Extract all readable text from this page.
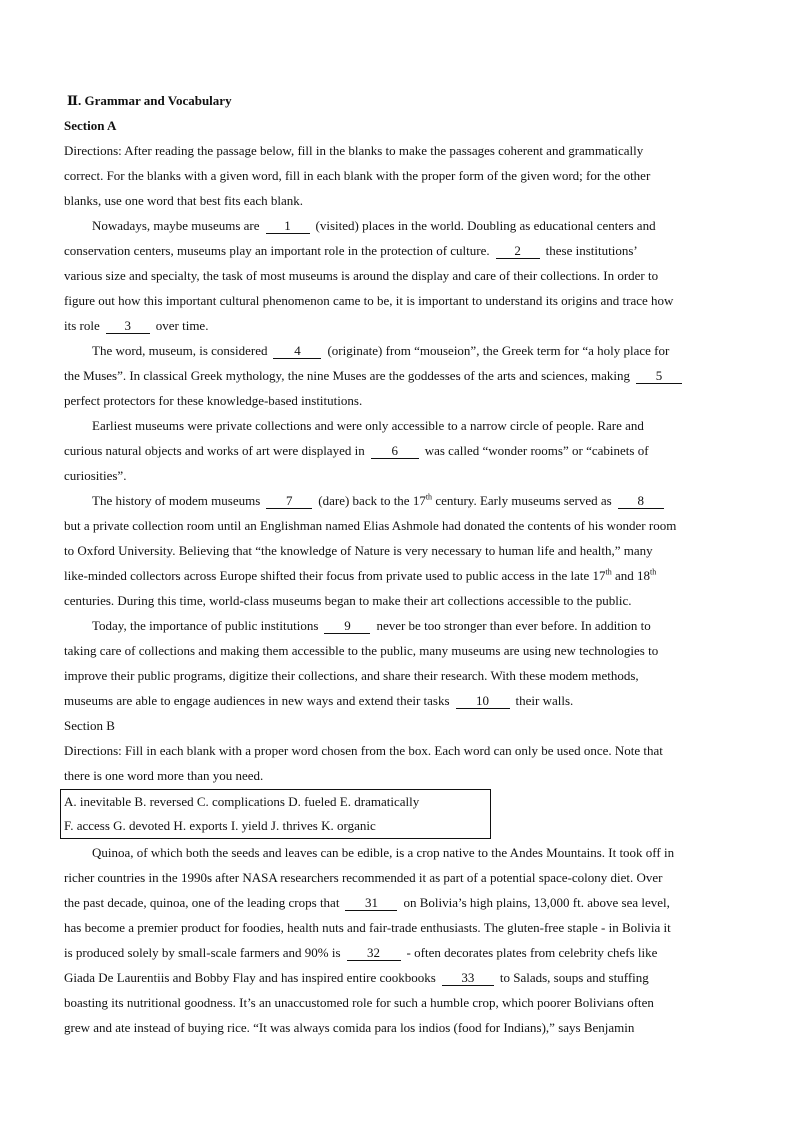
Ⅱ. Grammar and Vocabulary
Section A
Directions: After reading the passage below, fill in the blanks to make the passages coherent and grammatically
correct. For the blanks with a given word, fill in each blank with the proper form of the given word; for the other
blanks, use one word that best fits each blank.
Nowadays, maybe museums are 1 (visited) places in the world. Doubling as educational centers and
conservation centers, museums play an important role in the protection of culture. 2 these institutions’
various size and specialty, the task of most museums is around the display and care of their collections. In order to
figure out how this important cultural phenomenon came to be, it is important to understand its origins and trace how
its role 3 over time.
The word, museum, is considered 4 (originate) from “mouseion”, the Greek term for “a holy place for
the Muses”. In classical Greek mythology, the nine Muses are the goddesses of the arts and sciences, making 5
perfect protectors for these knowledge-based institutions.
Earliest museums were private collections and were only accessible to a narrow circle of people. Rare and
curious natural objects and works of art were displayed in 6 was called “wonder rooms” or “cabinets of
curiosities”.
The history of modem museums 7 (dare) back to the 17th century. Early museums served as 8
but a private collection room until an Englishman named Elias Ashmole had donated the contents of his wonder room
to Oxford University. Believing that “the knowledge of Nature is very necessary to human life and health,” many
like-minded collectors across Europe shifted their focus from private used to public access in the late 17th and 18th
centuries. During this time, world-class museums began to make their art collections accessible to the public.
Today, the importance of public institutions 9 never be too stronger than ever before. In addition to
taking care of collections and making them accessible to the public, many museums are using new technologies to
improve their public programs, digitize their collections, and share their research. With these modem methods,
museums are able to engage audiences in new ways and extend their tasks 10 their walls.
Section B
Directions: Fill in each blank with a proper word chosen from the box. Each word can only be used once. Note that
there is one word more than you need.
A. inevitable B. reversed C. complications D. fueled E. dramatically
F. access G. devoted H. exports I. yield J. thrives K. organic
Quinoa, of which both the seeds and leaves can be edible, is a crop native to the Andes Mountains. It took off in
richer countries in the 1990s after NASA researchers recommended it as part of a potential space-colony diet. Over
the past decade, quinoa, one of the leading crops that 31 on Bolivia’s high plains, 13,000 ft. above sea level,
has become a premier product for foodies, health nuts and fair-trade enthusiasts. The gluten-free staple - in Bolivia it
is produced solely by small-scale farmers and 90% is 32 - often decorates plates from celebrity chefs like
Giada De Laurentiis and Bobby Flay and has inspired entire cookbooks 33 to Salads, soups and stuffing
boasting its nutritional goodness. It’s an unaccustomed role for such a humble crop, which poorer Bolivians often
grew and ate instead of buying rice. “It was always comida para los indios (food for Indians),” says Benjamin
